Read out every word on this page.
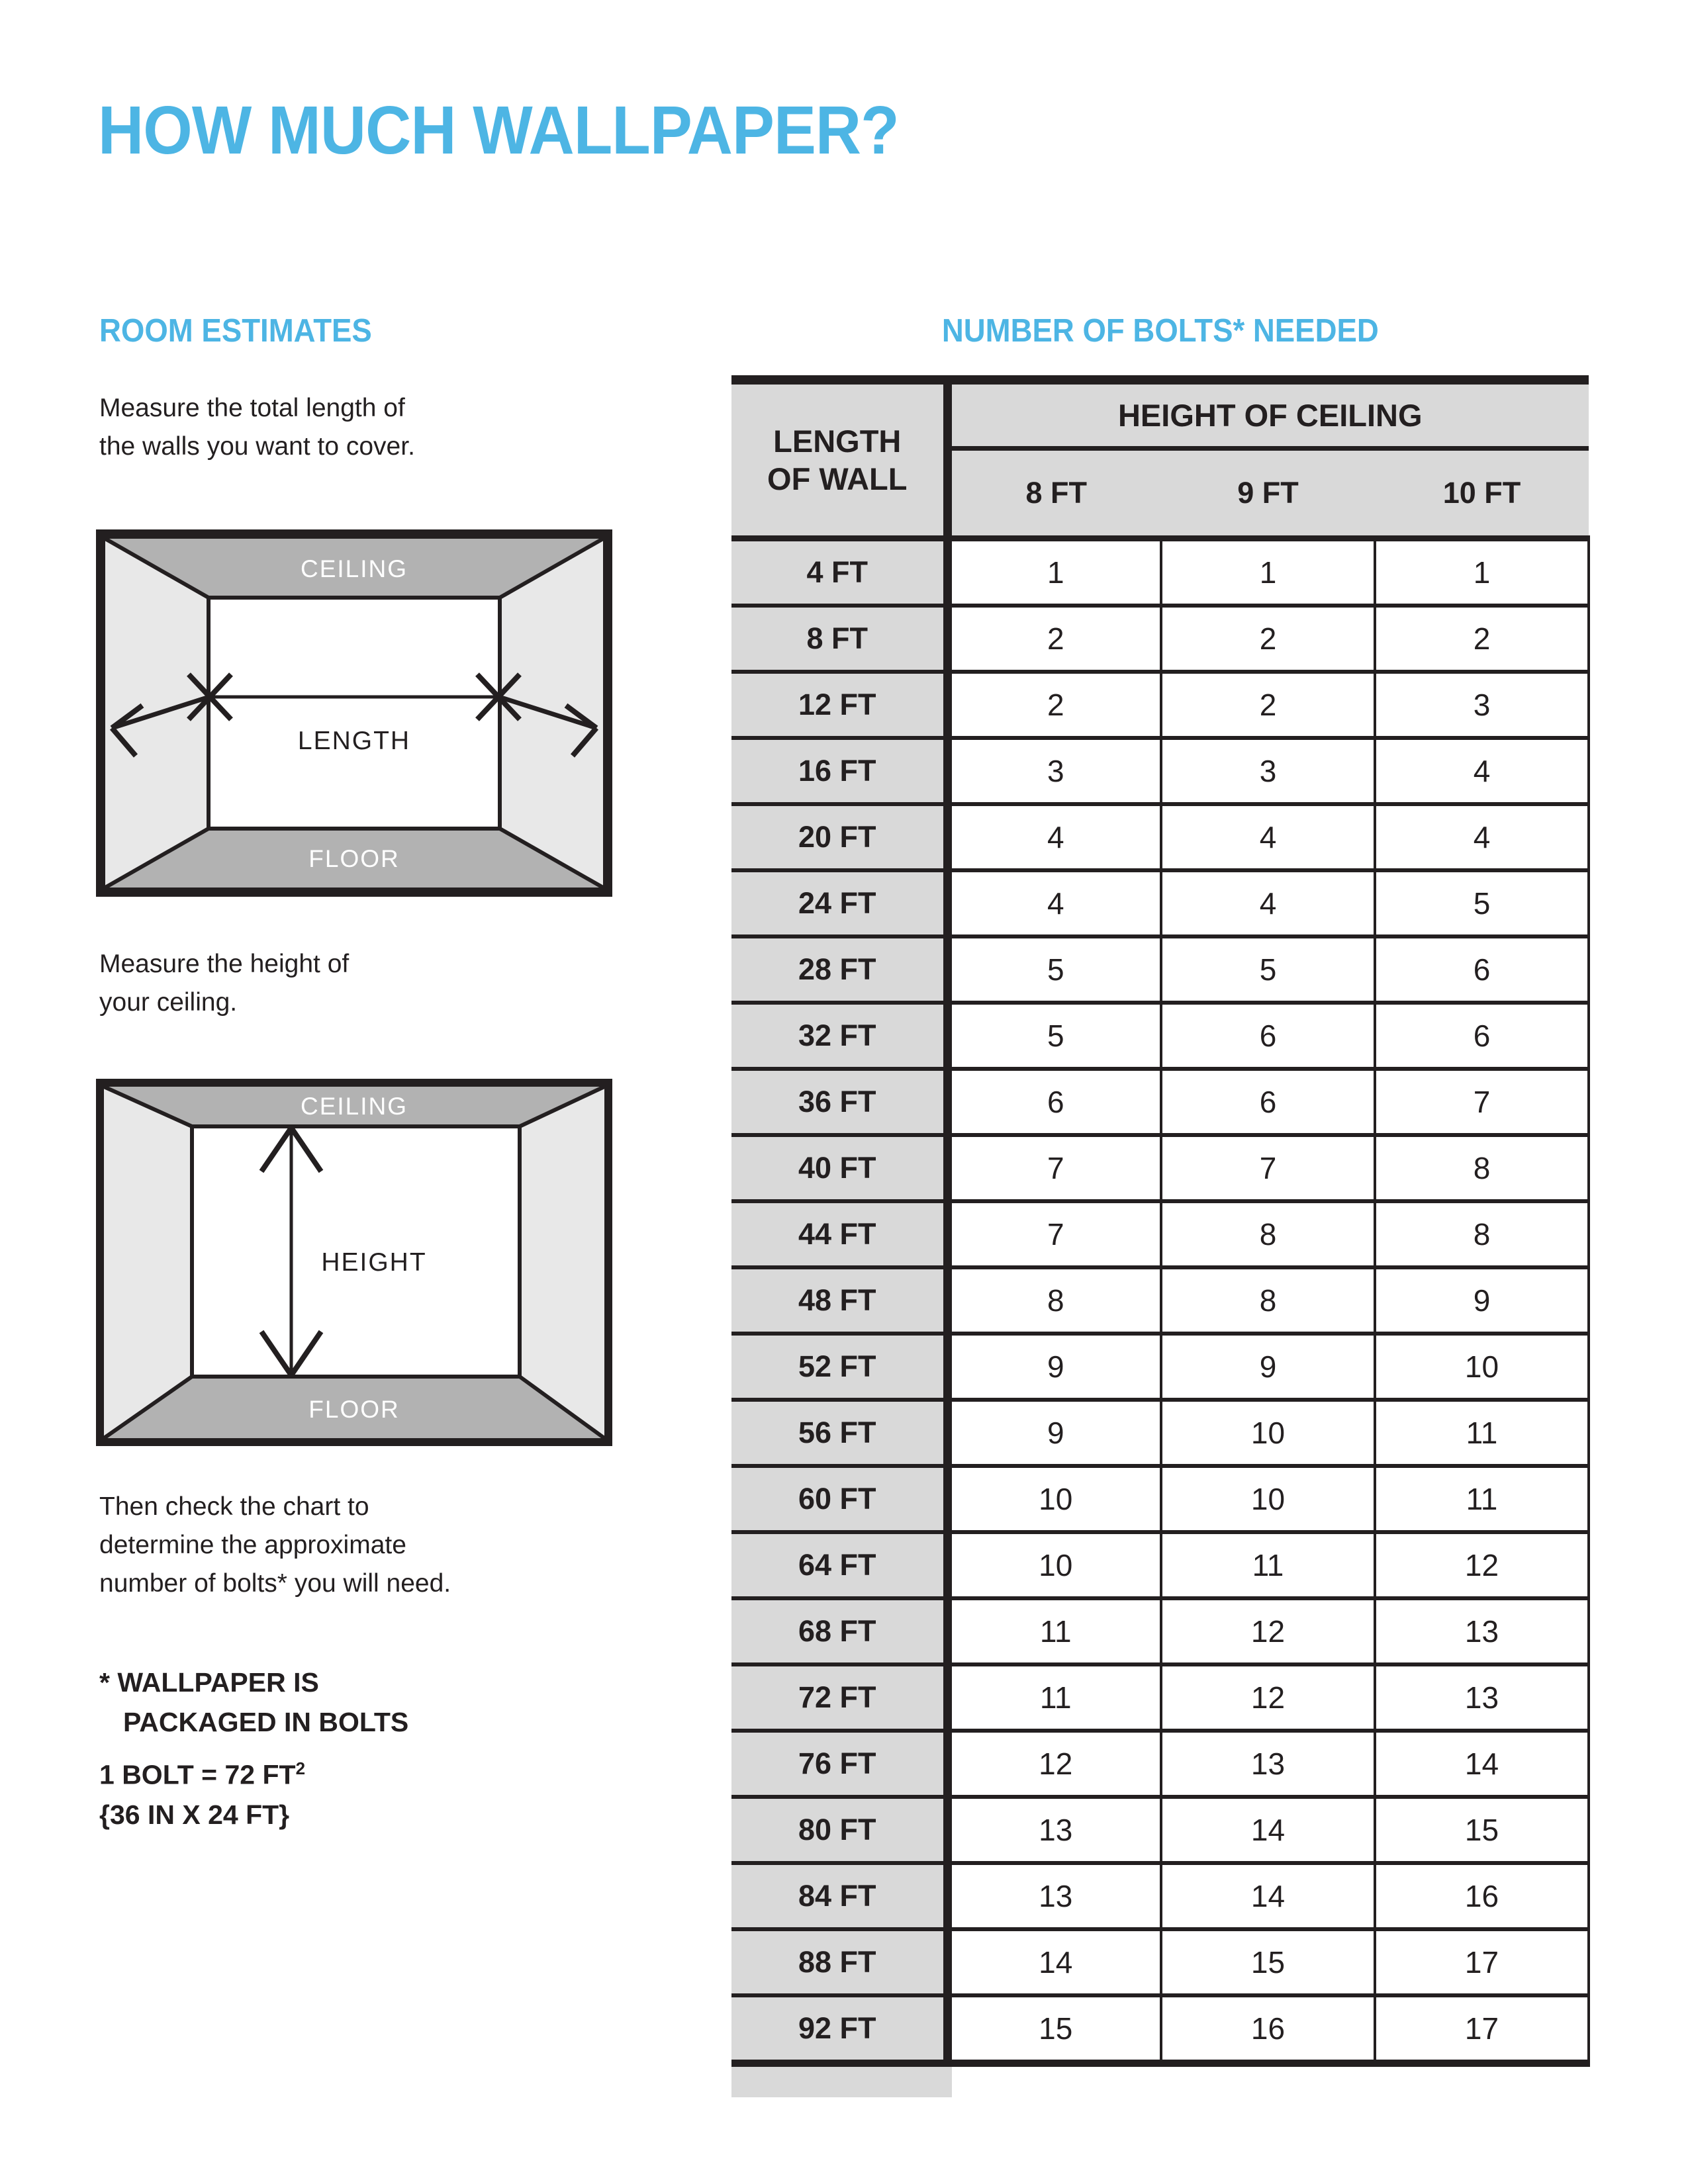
HOW MUCH WALLPAPER?
ROOM ESTIMATES	NUMBER OF BOLTS* NEEDED
Measure the total length of
the walls you want to cover.
CEILING
FLOOR
LENGTH
Measure the height of
your ceiling.
CEILING
FLOOR
HEIGHT
Then check the chart to
determine the approximate
number of bolts* you will need.
* WALLPAPER IS
PACKAGED IN BOLTS
1 BOLT = 72 $FT^2$
{36 IN X 24 FT}
LENGTH
OF WALL	HEIGHT OF CEILING		
	8 FT	9 FT	10 FT
4 FT	1	1	1
8 FT	2	2	2
12 FT	2	2	3
16 FT	3	3	4
20 FT	4	4	4
24 FT	4	4	5
28 FT	5	5	6
32 FT	5	6	6
36 FT	6	6	7
40 FT	7	7	8
44 FT	7	8	8
48 FT	8	8	9
52 FT	9	9	10
56 FT	9	10	11
60 FT	10	10	11
64 FT	10	11	12
68 FT	11	12	13
72 FT	11	12	13
76 FT	12	13	14
80 FT	13	14	15
84 FT	13	14	16
88 FT	14	15	17
92 FT	15	16	17
